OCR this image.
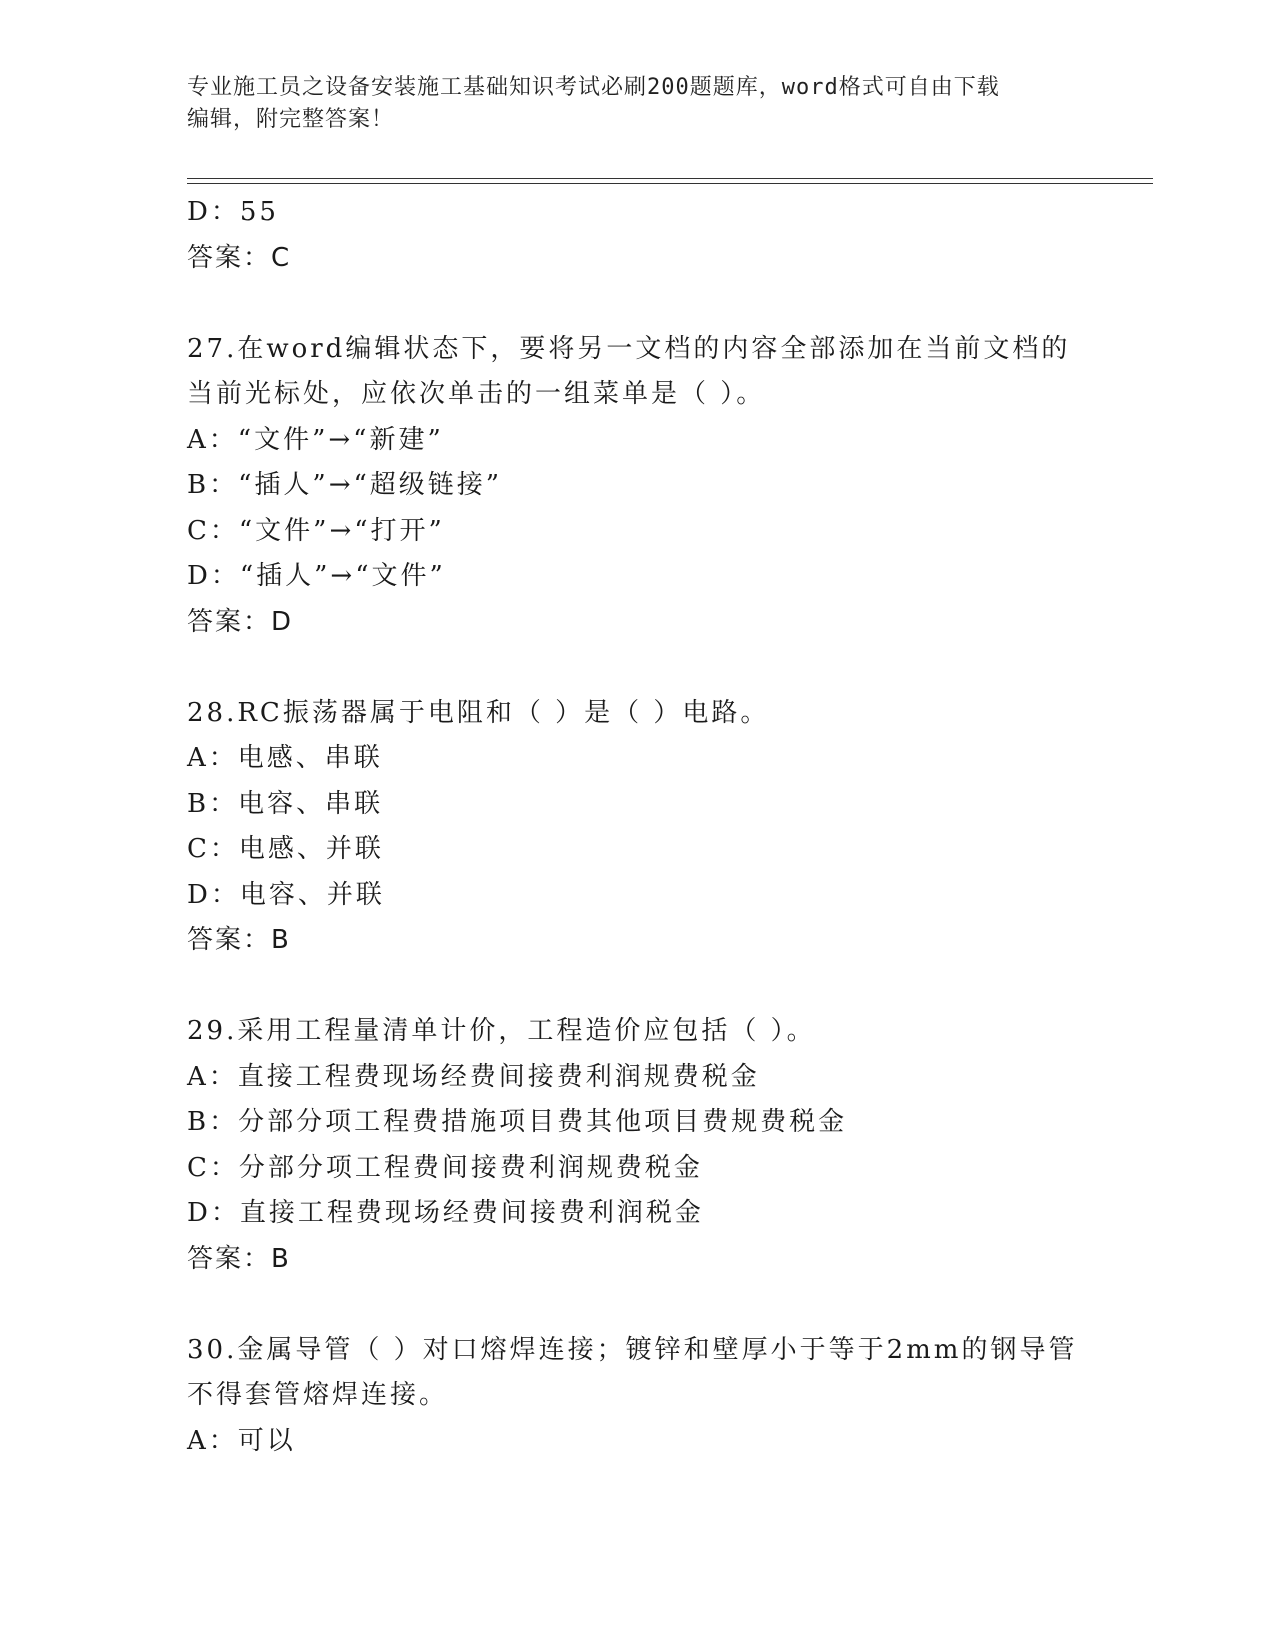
专业施工员之设备安装施工基础知识考试必刷200题题库，word格式可自由下载
编辑，附完整答案！
D：55
答案：C
27.在word编辑状态下，要将另一文档的内容全部添加在当前文档的
当前光标处，应依次单击的一组菜单是（ ）。
A：“文件”→“新建”
B：“插人”→“超级链接”
C：“文件”→“打开”
D：“插人”→“文件”
答案：D
28.RC振荡器属于电阻和（ ）是（ ）电路。
A：电感、串联
B：电容、串联
C：电感、并联
D：电容、并联
答案：B
29.采用工程量清单计价，工程造价应包括（ ）。
A：直接工程费现场经费间接费利润规费税金
B：分部分项工程费措施项目费其他项目费规费税金
C：分部分项工程费间接费利润规费税金
D：直接工程费现场经费间接费利润税金
答案：B
30.金属导管（ ）对口熔焊连接；镀锌和壁厚小于等于2mm的钢导管
不得套管熔焊连接。
A：可以
